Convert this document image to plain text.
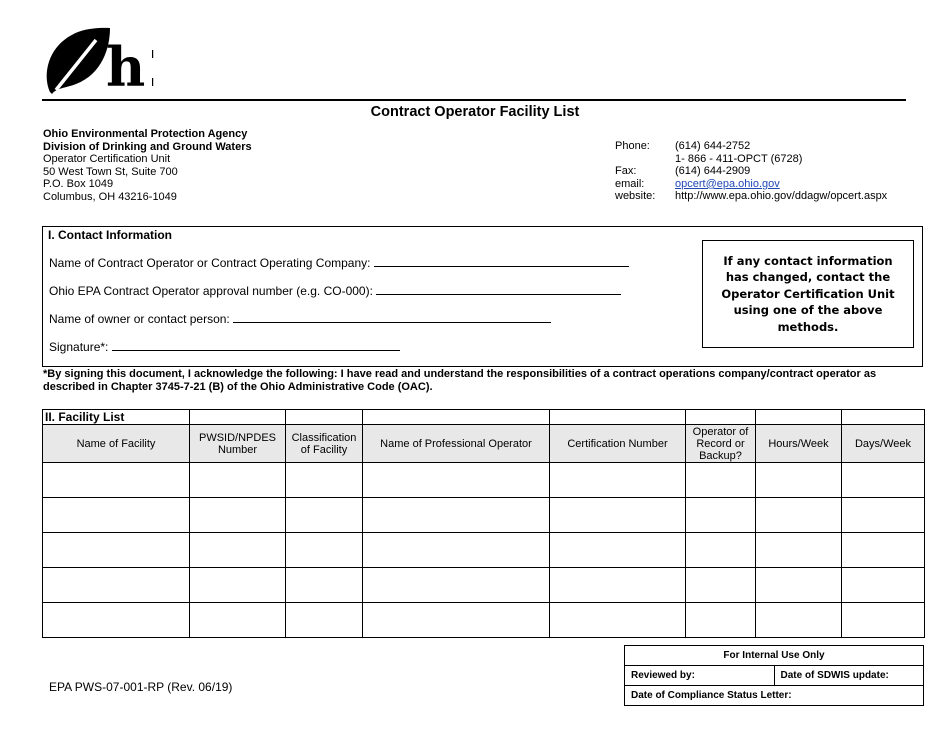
h
Contract Operator Facility List
Ohio Environmental Protection Agency
Division of Drinking and Ground Waters
Operator Certification Unit
50 West Town St, Suite 700
P.O. Box 1049
Columbus, OH 43216-1049
Phone:	(614) 644-2752
1- 866 - 411-OPCT (6728)
Fax:	(614) 644-2909
email:	opcert@epa.ohio.gov
website:	http://www.epa.ohio.gov/ddagw/opcert.aspx
I. Contact Information
Name of Contract Operator or Contract Operating Company:
Ohio EPA Contract Operator approval number (e.g. CO-000):
Name of owner or contact person:
Signature*:
If any contact information has changed, contact the Operator Certification Unit using one of the above methods.
*By signing this document, I acknowledge the following: I have read and understand the responsibilities of a contract operations company/contract operator as described in Chapter 3745-7-21 (B) of the Ohio Administrative Code (OAC).
II. Facility List							
Name of Facility	PWSID/NPDES Number	Classification of Facility	Name of Professional Operator	Certification Number	Operator of Record or Backup?	Hours/Week	Days/Week

EPA PWS-07-001-RP (Rev. 06/19)
For Internal Use Only
Reviewed by:	Date of SDWIS update:
Date of Compliance Status Letter:
